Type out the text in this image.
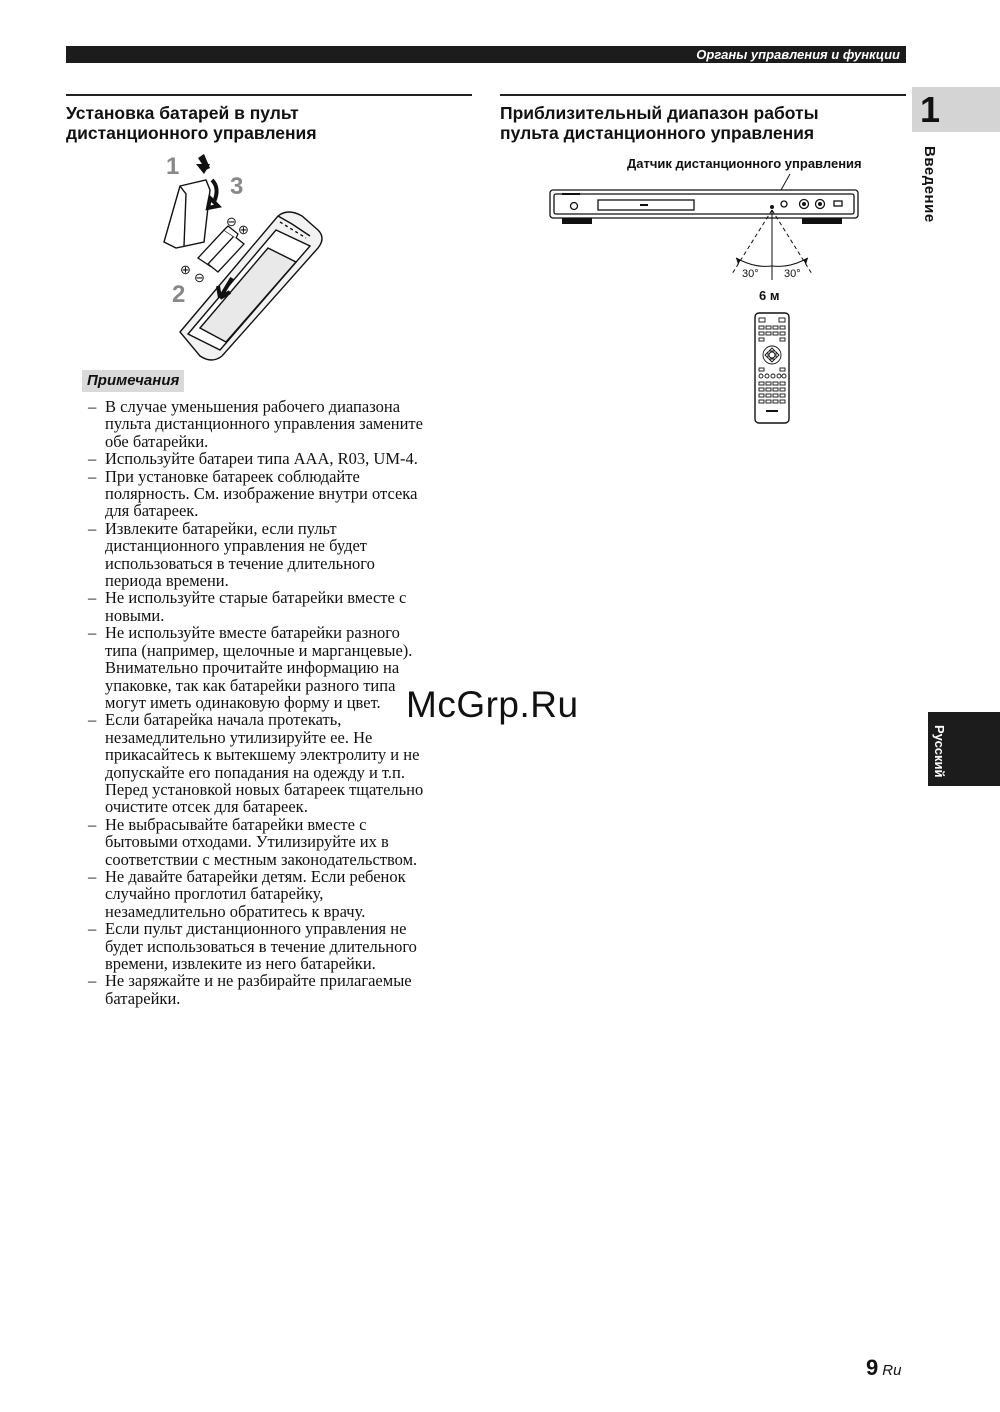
Органы управления и функции
1
Введение
Русский
Установка батарей в пульт
дистанционного управления
1
2
3
⊖
⊕
⊕
⊖
Примечания
– В случае уменьшения рабочего диапазона
пульта дистанционного управления замените
обе батарейки.
– Используйте батареи типа AAA, R03, UM-4.
– При установке батареек соблюдайте
полярность. См. изображение внутри отсека
для батареек.
– Извлеките батарейки, если пульт
дистанционного управления не будет
использоваться в течение длительного
периода времени.
– Не используйте старые батарейки вместе с
новыми.
– Не используйте вместе батарейки разного
типа (например, щелочные и марганцевые).
Внимательно прочитайте информацию на
упаковке, так как батарейки разного типа
могут иметь одинаковую форму и цвет.
– Если батарейка начала протекать,
незамедлительно утилизируйте ее. Не
прикасайтесь к вытекшему электролиту и не
допускайте его попадания на одежду и т.п.
Перед установкой новых батареек тщательно
очистите отсек для батареек.
– Не выбрасывайте батарейки вместе с
бытовыми отходами. Утилизируйте их в
соответствии с местным законодательством.
– Не давайте батарейки детям. Если ребенок
случайно проглотил батарейку,
незамедлительно обратитесь к врачу.
– Если пульт дистанционного управления не
будет использоваться в течение длительного
времени, извлеките из него батарейки.
– Не заряжайте и не разбирайте прилагаемые
батарейки.
Приблизительный диапазон работы
пульта дистанционного управления
Датчик дистанционного управления
30° 30°
6 м
McGrp.Ru
9 Ru
